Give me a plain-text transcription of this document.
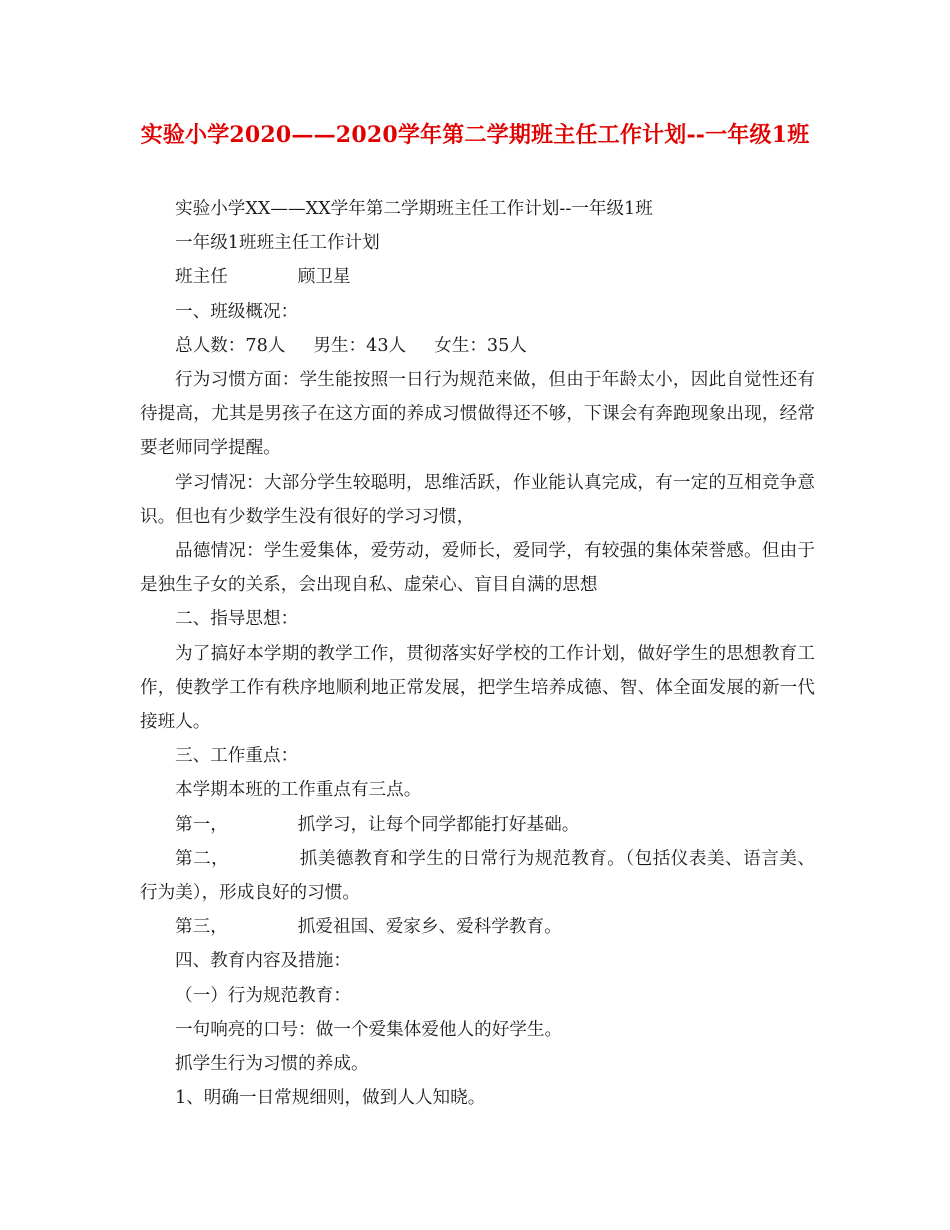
实验小学2020——2020学年第二学期班主任工作计划--一年级1班

实验小学XX——XX学年第二学期班主任工作计划--一年级1班

一年级1班班主任工作计划

班主任	顾卫星

一、班级概况：

总人数：78人 男生：43人 女生：35人

行为习惯方面：学生能按照一日行为规范来做，但由于年龄太小，因此自觉性还有待提高，尤其是男孩子在这方面的养成习惯做得还不够，下课会有奔跑现象出现，经常要老师同学提醒。

学习情况：大部分学生较聪明，思维活跃，作业能认真完成，有一定的互相竞争意识。但也有少数学生没有很好的学习习惯，

品德情况：学生爱集体，爱劳动，爱师长，爱同学，有较强的集体荣誉感。但由于是独生子女的关系，会出现自私、虚荣心、盲目自满的思想

二、指导思想：

为了搞好本学期的教学工作，贯彻落实好学校的工作计划，做好学生的思想教育工作，使教学工作有秩序地顺利地正常发展，把学生培养成德、智、体全面发展的新一代接班人。

三、工作重点：

本学期本班的工作重点有三点。

第一，	抓学习，让每个同学都能打好基础。

第二，	抓美德教育和学生的日常行为规范教育。（包括仪表美、语言美、行为美），形成良好的习惯。

第三，	抓爱祖国、爱家乡、爱科学教育。

四、教育内容及措施：

（一）行为规范教育：

一句响亮的口号：做一个爱集体爱他人的好学生。

抓学生行为习惯的养成。

1、明确一日常规细则，做到人人知晓。
